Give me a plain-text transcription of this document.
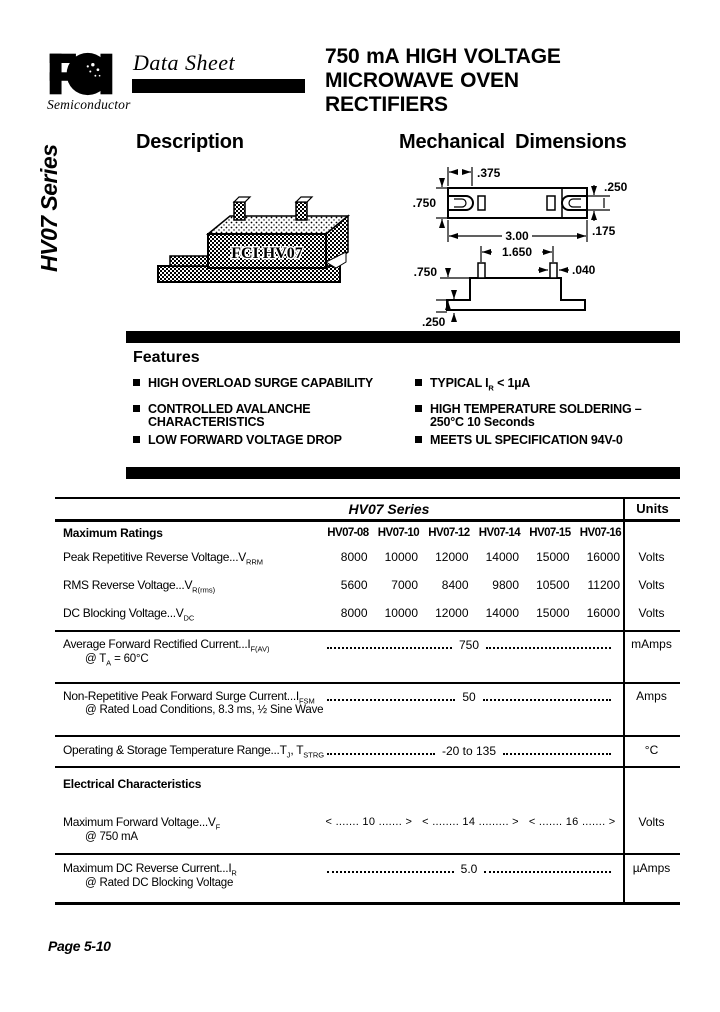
Semiconductor
Data Sheet	750 mA HIGH VOLTAGE
MICROWAVE OVEN
RECTIFIERS
HV07 Series
Description	Mechanical Dimensions
FCI HV07
.375
.750
.250
3.00	.175
1.650
.750	.040
.250
Features
HIGH OVERLOAD SURGE CAPABILITY
CONTROLLED AVALANCHE CHARACTERISTICS
LOW FORWARD VOLTAGE DROP
TYPICAL $I_R < 1\mu A$
HIGH TEMPERATURE SOLDERING –
250°C 10 Seconds
MEETS UL SPECIFICATION 94V-0
HV07 Series	Units
Maximum Ratings	HV07-08 HV07-10 HV07-12 HV07-14 HV07-15 HV07-16
Peak Repetitive Reverse $Voltage...V_{RRM}$	8000	10000	12000	14000	15000	16000	Volts
RMS Reverse $Voltage...V_{R(rms)}$	5600	7000	8400	9800	10500	11200	Volts
DC Blocking $Voltage...V_{DC}$	8000	10000	12000	14000	15000	16000	Volts
Average Forward Rectified $Current...I_{F(AV)}$
@ $T_A = 60^\circ C$
750	mAmps
Non-Repetitive Peak Forward Surge $Current...I_{FSM}$
@ Rated Load Conditions, 8.3 ms, ½ Sine Wave
50	Amps
Operating & Storage Temperature $Range...T_J$, $T_{STRG}$	-20 to 135	°C
Electrical Characteristics
Maximum Forward $Voltage...V_F$
@ 750 mA
< ....... 10 ....... > < ........ 14 ......... > < ....... 16 ....... >	Volts
Maximum DC Reverse $Current...I_R$
@ Rated DC Blocking Voltage
5.0	µAmps
Page 5-10
